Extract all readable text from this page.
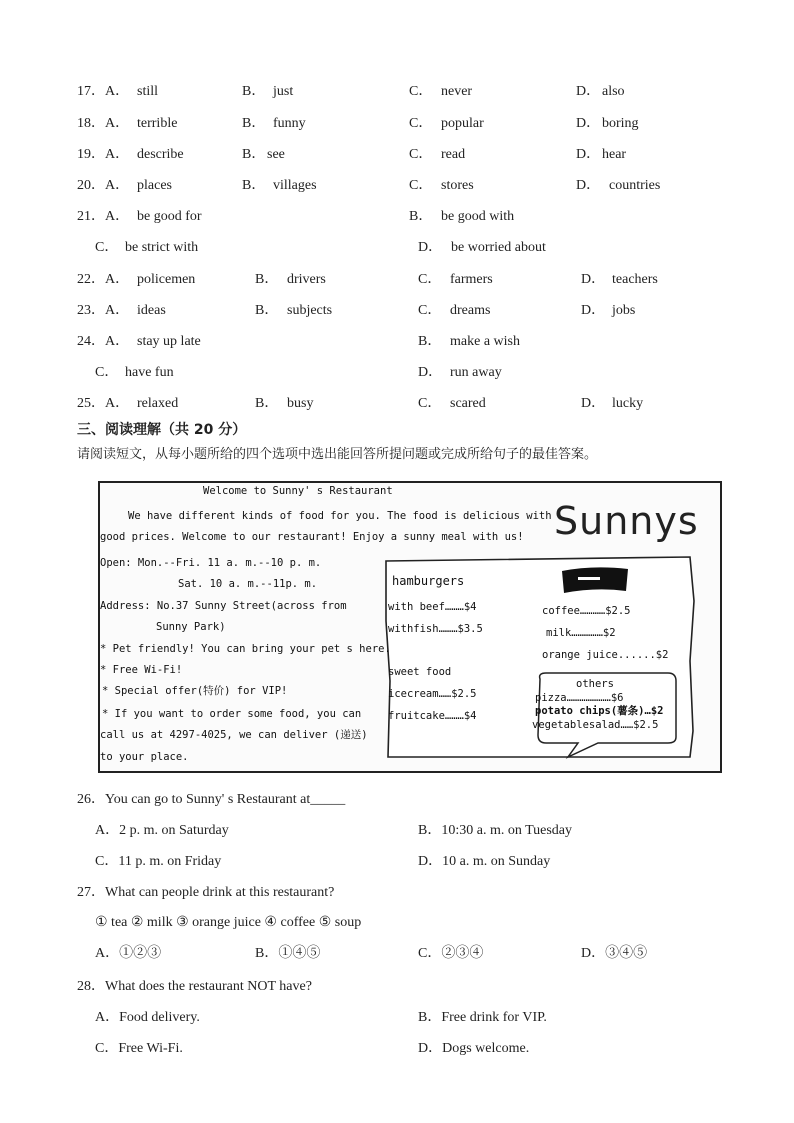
17．A． still	B． just	C． never	D． also
18．A． terrible	B． funny	C． popular	D． boring
19．A． describe	B． see	C． read	D． hear
20．A． places	B． villages	C． stores	D． countries
21．A． be good for	B． be good with
C． be strict with	D． be worried about
22．A． policemen	B． drivers	C． farmers	D． teachers
23．A． ideas	B． subjects	C． dreams	D． jobs
24．A． stay up late	B． make a wish
C． have fun	D． run away
25．A． relaxed	B． busy	C． scared	D． lucky
三、阅读理解（共 20 分）
请阅读短文，从每小题所给的四个选项中选出能回答所提问题或完成所给句子的最佳答案。
Welcome to Sunny' s Restaurant
We have different kinds of food for you. The food is delicious with
good prices. Welcome to our restaurant! Enjoy a sunny meal with us!
Open: Mon.--Fri. 11 a. m.--10 p. m.
Sat. 10 a. m.--11p. m.
Address: No.37 Sunny Street(across from
Sunny Park)
* Pet friendly! You can bring your pet s here.
* Free Wi-Fi!
* Special offer(特价) for VIP!
* If you want to order some food, you can
call us at 4297-4025, we can deliver (递送)
to your place.
Sunnys
hamburgers
with beef………$4
withfish………$3.5
sweet food
icecream……$2.5
fruitcake………$4
coffee…………$2.5
milk……………$2
orange juice......$2
others
pizza…………………$6
potato chips(薯条)…$2
vegetablesalad……$2.5
26．You can go to Sunny' s Restaurant at_____
A．2 p. m. on Saturday	B．10:30 a. m. on Tuesday
C．11 p. m. on Friday	D．10 a. m. on Sunday
27．What can people drink at this restaurant?
① tea ② milk ③ orange juice ④ coffee ⑤ soup
A．①②③	B．①④⑤	C．②③④	D．③④⑤
28．What does the restaurant NOT have?
A．Food delivery.	B．Free drink for VIP.
C．Free Wi-Fi.	D．Dogs welcome.
